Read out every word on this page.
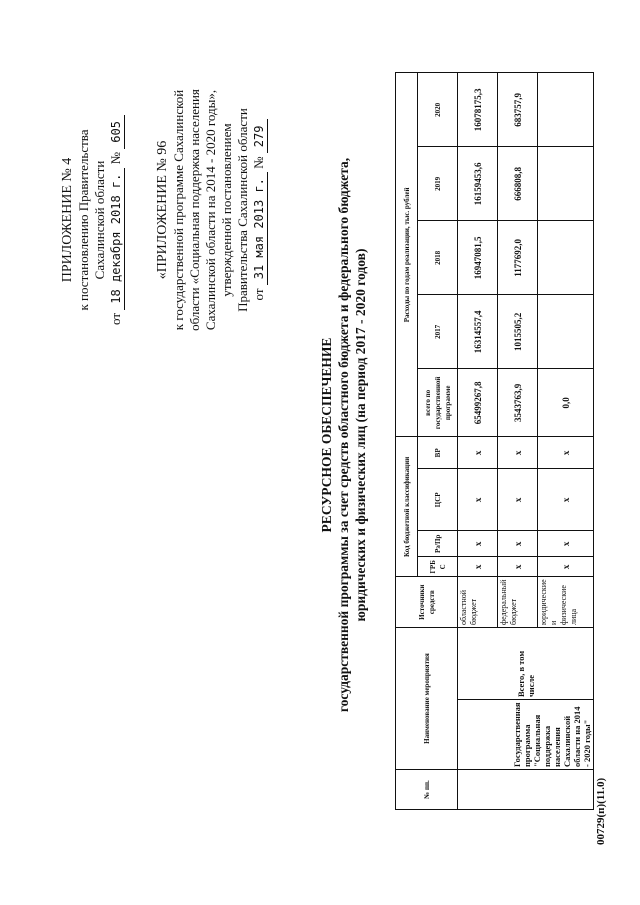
ПРИЛОЖЕНИЕ № 4 к постановлению Правительства Сахалинской области
от 18 декабря 2018 г. № 605
«ПРИЛОЖЕНИЕ № 96 к государственной программе Сахалинской области «Социальная поддержка населения Сахалинской области на 2014 - 2020 годы», утвержденной постановлением Правительства Сахалинской области от 31 мая 2013 г. № 279
РЕСУРСНОЕ ОБЕСПЕЧЕНИЕ государственной программы за счет средств областного бюджета и федерального бюджета, юридических и физических лиц (на период 2017 - 2020 годов)
№ пп.	Наименование мероприятия		Источники средств	Код бюджетной классификации				Расходы по годам реализации, тыс. рублей				
				ГРБ С	Рз/Пр	ЦСР	ВР	всего по государственной программе	2017	2018	2019	2020
	Государственная программа "Социальная поддержка населения Сахалинской области на 2014 - 2020 годы"	Всего, в том числе	областной бюджет	x	x	x	x	65499267,8	16314557,4	16947081,5	16159453,6	16078175,3
			федеральный бюджет	x	x	x	x	3543763,9	1015505,2	1177692,0	666808,8	683757,9
			юридические и физические лица	x	x	x	x	0,0				
00729(п)(11.0)
